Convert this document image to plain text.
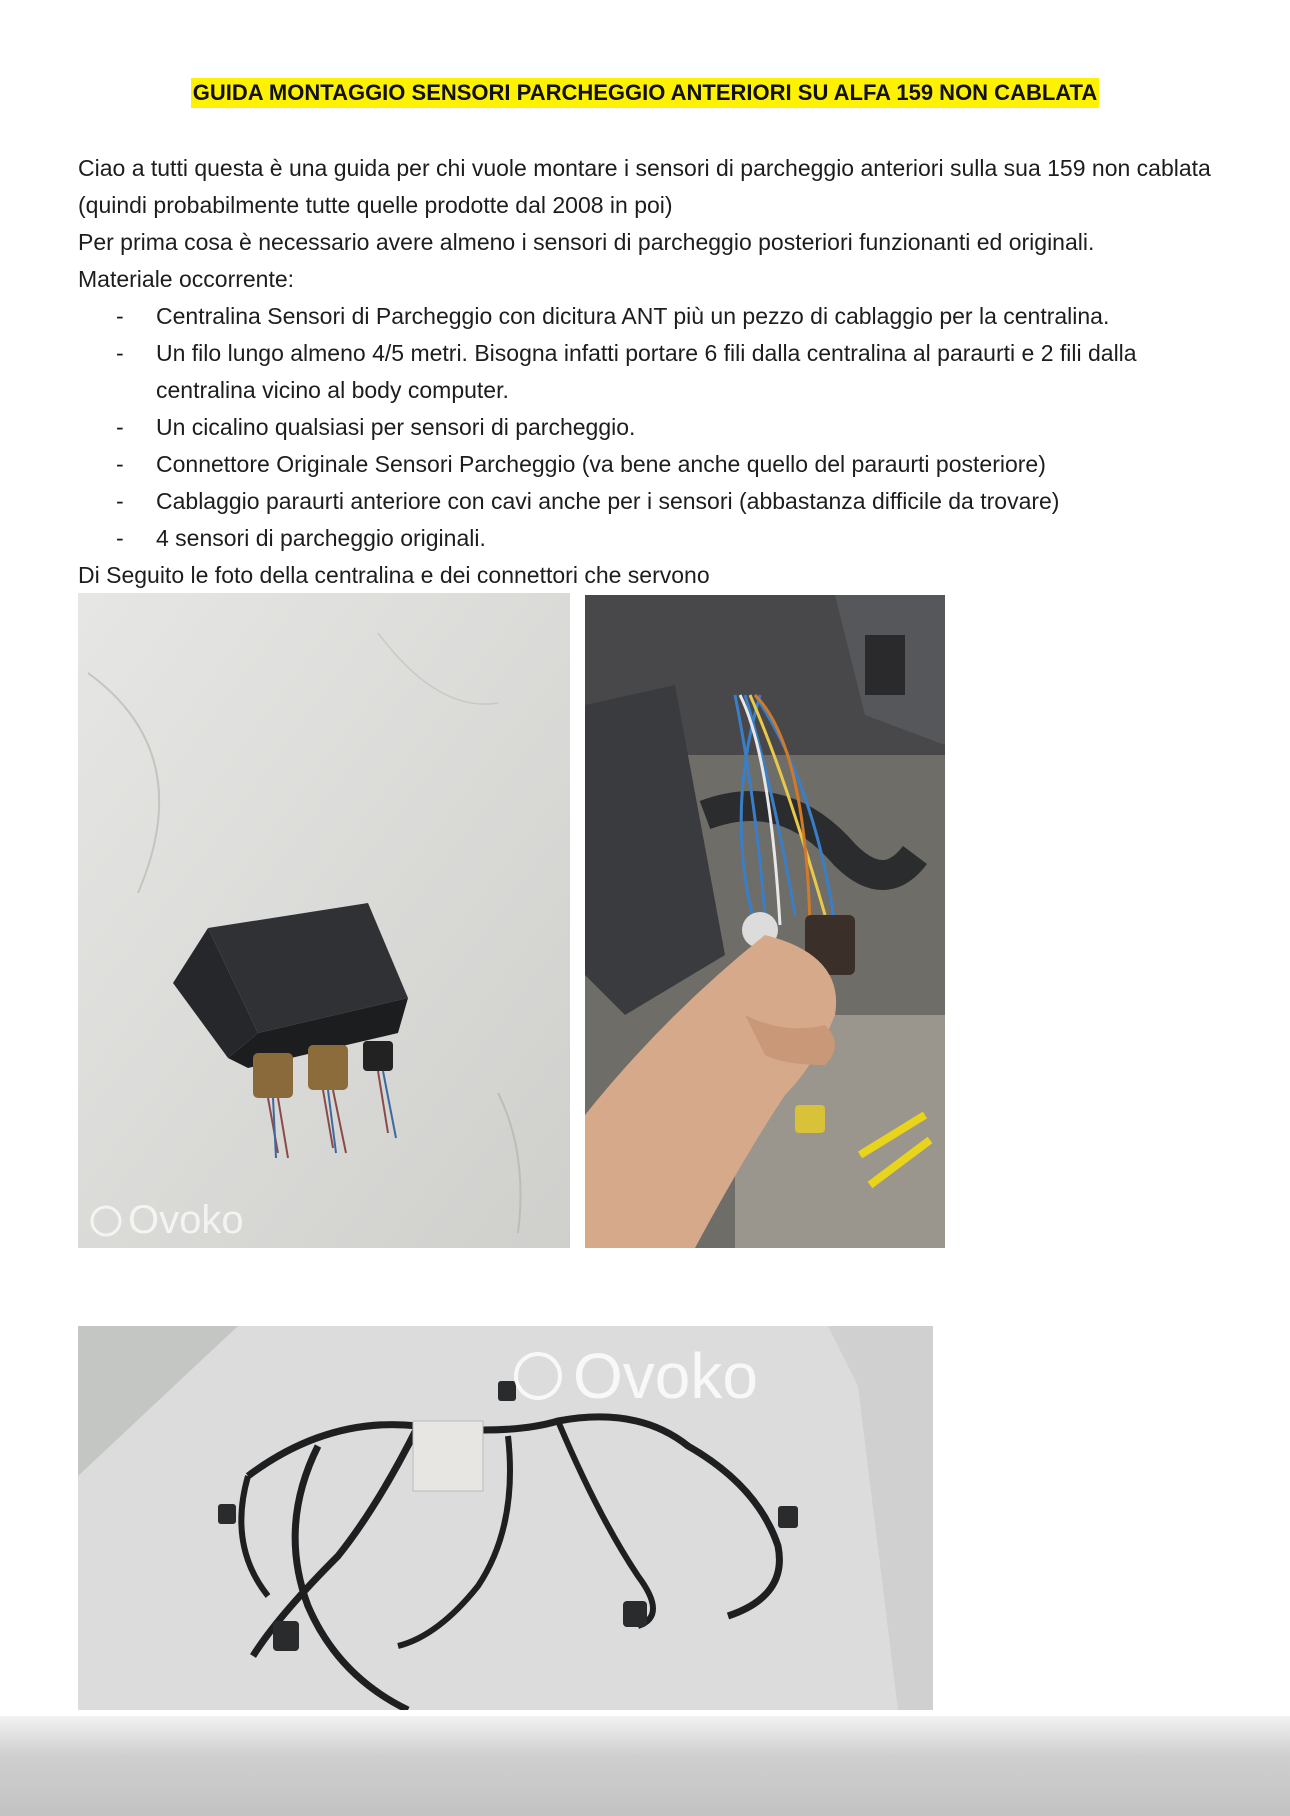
GUIDA MONTAGGIO SENSORI PARCHEGGIO ANTERIORI SU ALFA 159 NON CABLATA

Ciao a tutti questa è una guida per chi vuole montare i sensori di parcheggio anteriori sulla sua 159 non cablata (quindi probabilmente tutte quelle prodotte dal 2008 in poi)

Per prima cosa è necessario avere almeno i sensori di parcheggio posteriori funzionanti ed originali.

Materiale occorrente:

- Centralina Sensori di Parcheggio con dicitura ANT più un pezzo di cablaggio per la centralina.
- Un filo lungo almeno 4/5 metri. Bisogna infatti portare 6 fili dalla centralina al paraurti e 2 fili dalla centralina vicino al body computer.
- Un cicalino qualsiasi per sensori di parcheggio.
- Connettore Originale Sensori Parcheggio (va bene anche quello del paraurti posteriore)
- Cablaggio paraurti anteriore con cavi anche per i sensori (abbastanza difficile da trovare)
- 4 sensori di parcheggio originali.

Di Seguito le foto della centralina e dei connettori che servono

Ovoko
Ovoko
